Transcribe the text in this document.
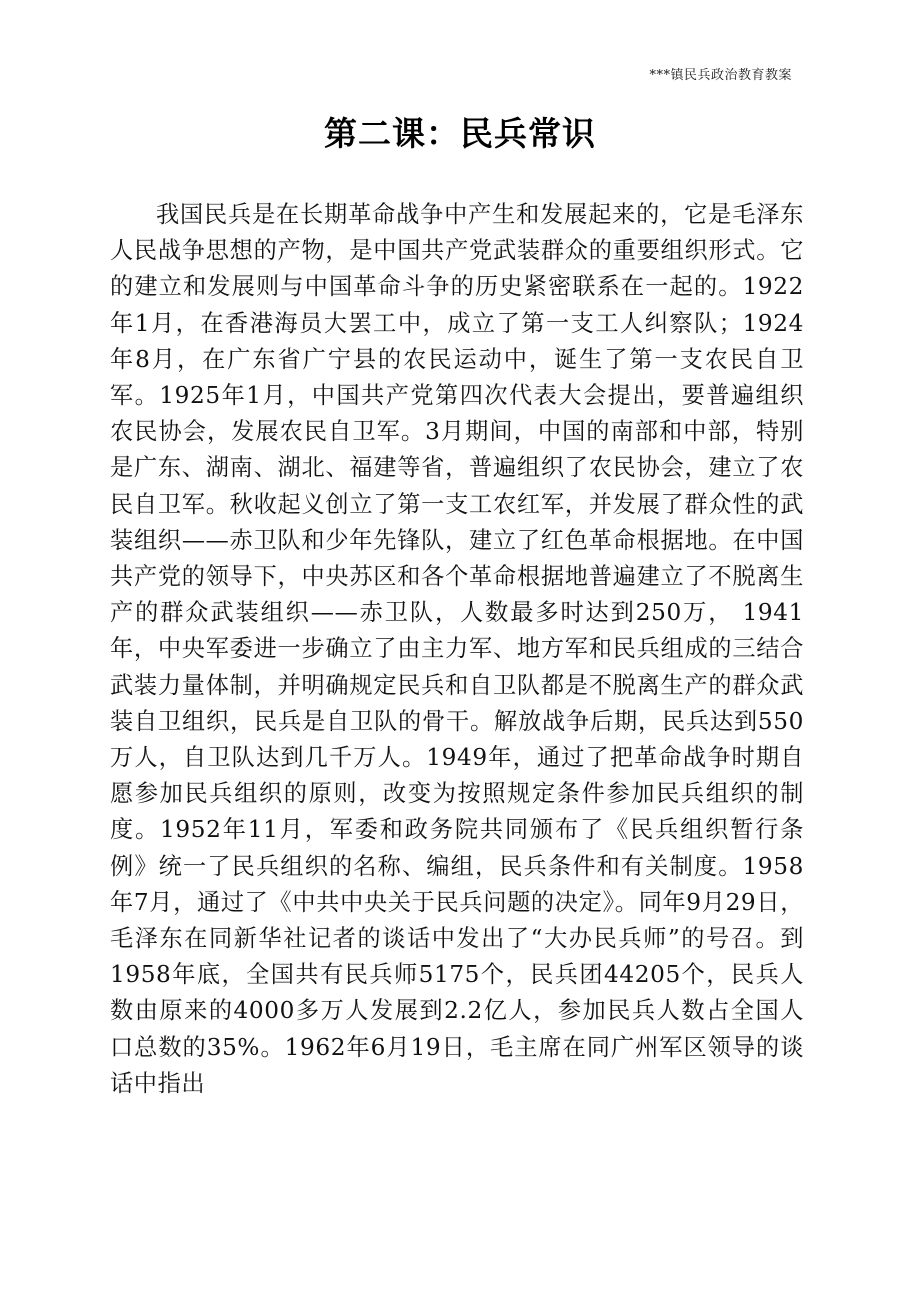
***镇民兵政治教育教案
第二课：民兵常识

我国民兵是在长期革命战争中产生和发展起来的，它是毛泽东人民战争思想的产物，是中国共产党武装群众的重要组织形式。它的建立和发展则与中国革命斗争的历史紧密联系在一起的。1922年1月，在香港海员大罢工中，成立了第一支工人纠察队；1924年8月，在广东省广宁县的农民运动中，诞生了第一支农民自卫军。1925年1月，中国共产党第四次代表大会提出，要普遍组织农民协会，发展农民自卫军。3月期间，中国的南部和中部，特别是广东、湖南、湖北、福建等省，普遍组织了农民协会，建立了农民自卫军。秋收起义创立了第一支工农红军，并发展了群众性的武装组织——赤卫队和少年先锋队，建立了红色革命根据地。在中国共产党的领导下，中央苏区和各个革命根据地普遍建立了不脱离生产的群众武装组织——赤卫队，人数最多时达到250万， 1941年，中央军委进一步确立了由主力军、地方军和民兵组成的三结合武装力量体制，并明确规定民兵和自卫队都是不脱离生产的群众武装自卫组织，民兵是自卫队的骨干。解放战争后期，民兵达到550万人，自卫队达到几千万人。1949年，通过了把革命战争时期自愿参加民兵组织的原则，改变为按照规定条件参加民兵组织的制度。1952年11月，军委和政务院共同颁布了《民兵组织暂行条例》统一了民兵组织的名称、编组，民兵条件和有关制度。1958年7月，通过了《中共中央关于民兵问题的决定》。同年9月29日，毛泽东在同新华社记者的谈话中发出了“大办民兵师”的号召。到1958年底，全国共有民兵师5175个，民兵团44205个，民兵人数由原来的4000多万人发展到2.2亿人，参加民兵人数占全国人口总数的35%。1962年6月19日，毛主席在同广州军区领导的谈话中指出
